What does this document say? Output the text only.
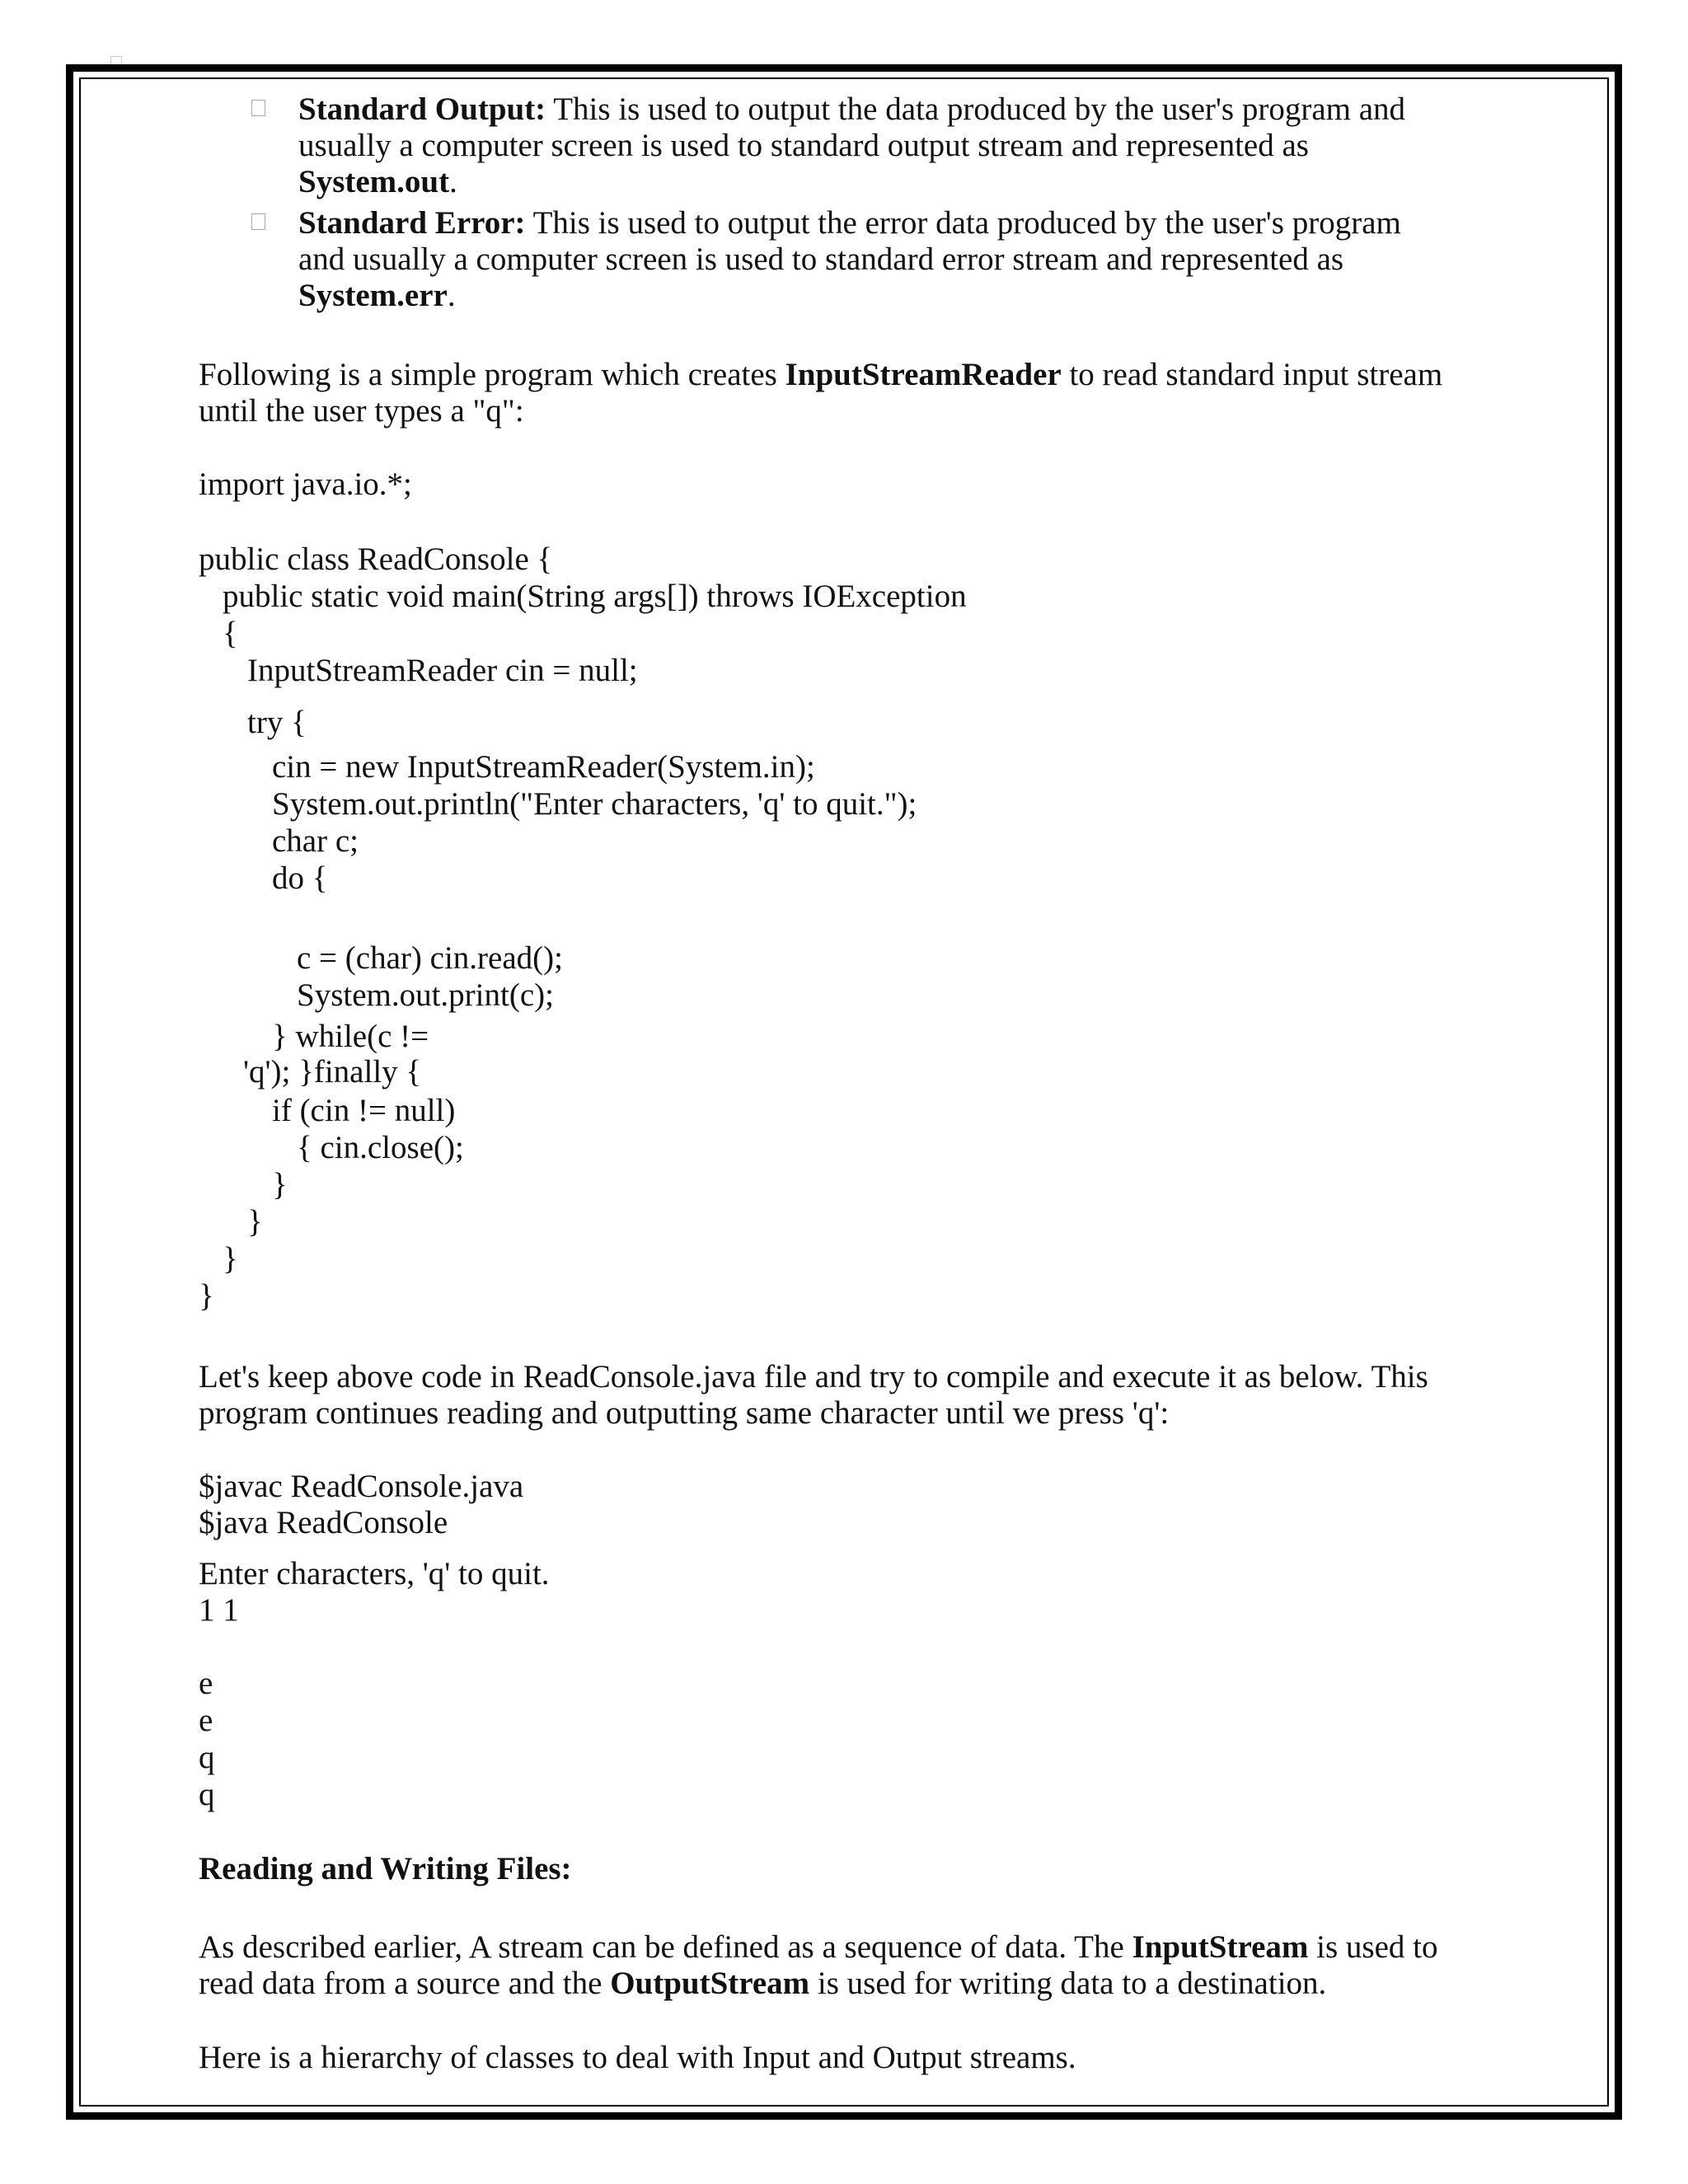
Standard Output: This is used to output the data produced by the user's program and
usually a computer screen is used to standard output stream and represented as
System.out.
Standard Error: This is used to output the error data produced by the user's program
and usually a computer screen is used to standard error stream and represented as
System.err.
Following is a simple program which creates InputStreamReader to read standard input stream
until the user types a "q":
import java.io.*;
public class ReadConsole {
public static void main(String args[]) throws IOException
{
InputStreamReader cin = null;
try {
cin = new InputStreamReader(System.in);
System.out.println("Enter characters, 'q' to quit.");
char c;
do {
c = (char) cin.read();
System.out.print(c);
} while(c !=
'q'); }finally {
if (cin != null)
{ cin.close();
}
}
}
}
Let's keep above code in ReadConsole.java file and try to compile and execute it as below. This
program continues reading and outputting same character until we press 'q':
$javac ReadConsole.java
$java ReadConsole
Enter characters, 'q' to quit.
1 1
e
e
q
q
Reading and Writing Files:
As described earlier, A stream can be defined as a sequence of data. The InputStream is used to
read data from a source and the OutputStream is used for writing data to a destination.
Here is a hierarchy of classes to deal with Input and Output streams.
